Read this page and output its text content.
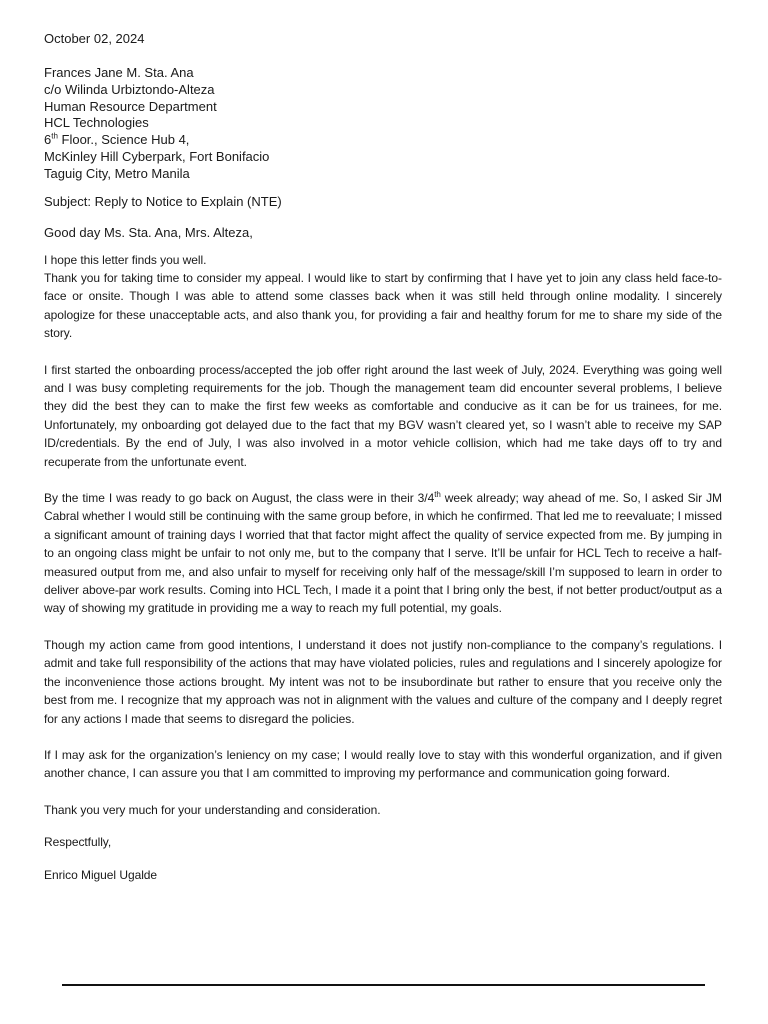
October 02, 2024
Frances Jane M. Sta. Ana
c/o Wilinda Urbiztondo-Alteza
Human Resource Department
HCL Technologies
6th Floor., Science Hub 4,
McKinley Hill Cyberpark, Fort Bonifacio
Taguig City, Metro Manila
Subject: Reply to Notice to Explain (NTE)
Good day Ms. Sta. Ana, Mrs. Alteza,

I hope this letter finds you well.

Thank you for taking time to consider my appeal. I would like to start by confirming that I have yet to join any class held face-to-face or onsite. Though I was able to attend some classes back when it was still held through online modality. I sincerely apologize for these unacceptable acts, and also thank you, for providing a fair and healthy forum for me to share my side of the story.

I first started the onboarding process/accepted the job offer right around the last week of July, 2024. Everything was going well and I was busy completing requirements for the job. Though the management team did encounter several problems, I believe they did the best they can to make the first few weeks as comfortable and conducive as it can be for us trainees, for me. Unfortunately, my onboarding got delayed due to the fact that my BGV wasn’t cleared yet, so I wasn’t able to receive my SAP ID/credentials. By the end of July, I was also involved in a motor vehicle collision, which had me take days off to try and recuperate from the unfortunate event.

By the time I was ready to go back on August, the class were in their 3/4th week already; way ahead of me. So, I asked Sir JM Cabral whether I would still be continuing with the same group before, in which he confirmed. That led me to reevaluate; I missed a significant amount of training days I worried that that factor might affect the quality of service expected from me. By jumping in to an ongoing class might be unfair to not only me, but to the company that I serve. It’ll be unfair for HCL Tech to receive a half-measured output from me, and also unfair to myself for receiving only half of the message/skill I’m supposed to learn in order to deliver above-par work results. Coming into HCL Tech, I made it a point that I bring only the best, if not better product/output as a way of showing my gratitude in providing me a way to reach my full potential, my goals.

Though my action came from good intentions, I understand it does not justify non-compliance to the company’s regulations. I admit and take full responsibility of the actions that may have violated policies, rules and regulations and I sincerely apologize for the inconvenience those actions brought. My intent was not to be insubordinate but rather to ensure that you receive only the best from me. I recognize that my approach was not in alignment with the values and culture of the company and I deeply regret for any actions I made that seems to disregard the policies.

If I may ask for the organization’s leniency on my case; I would really love to stay with this wonderful organization, and if given another chance, I can assure you that I am committed to improving my performance and communication going forward.

Thank you very much for your understanding and consideration.

Respectfully,

Enrico Miguel Ugalde
